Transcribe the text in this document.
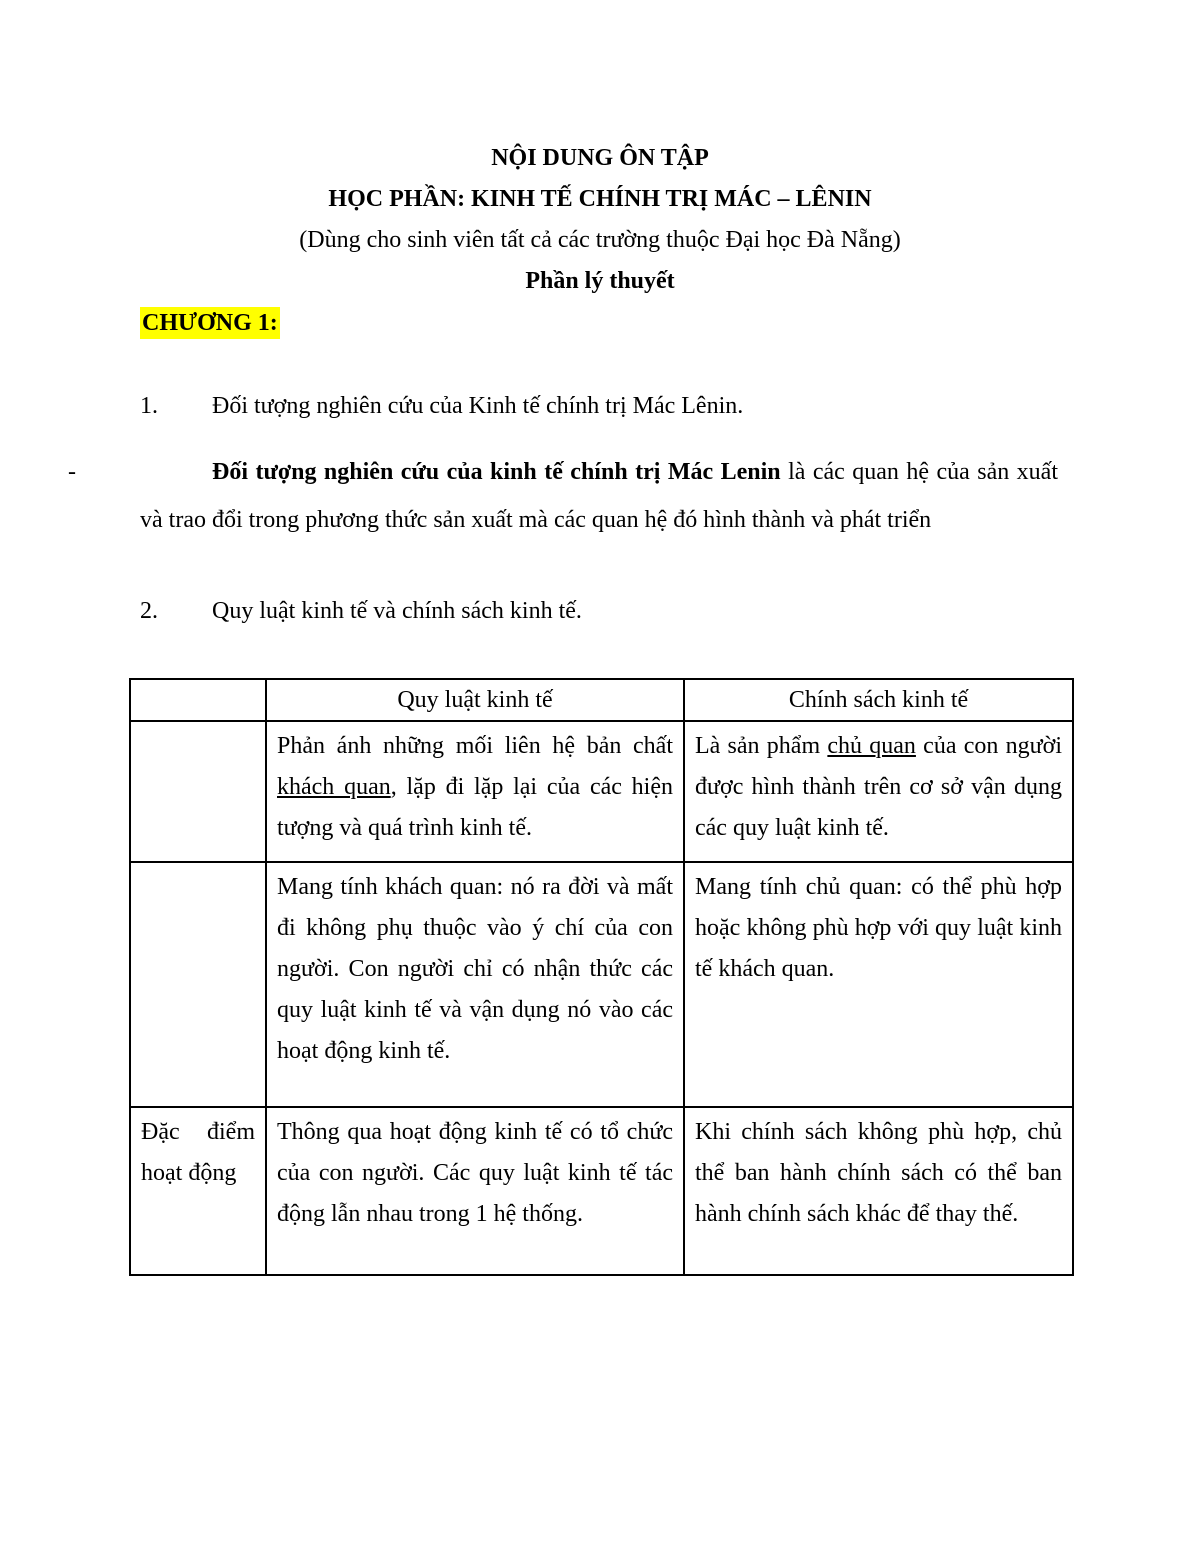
NỘI DUNG ÔN TẬP
HỌC PHẦN: KINH TẾ CHÍNH TRỊ MÁC – LÊNIN
(Dùng cho sinh viên tất cả các trường thuộc Đại học Đà Nẵng)
Phần lý thuyết
CHƯƠNG 1:
1. Đối tượng nghiên cứu của Kinh tế chính trị Mác Lênin.
-	Đối tượng nghiên cứu của kinh tế chính trị Mác Lenin là các quan hệ của sản xuất và trao đổi trong phương thức sản xuất mà các quan hệ đó hình thành và phát triển
2. Quy luật kinh tế và chính sách kinh tế.
	Quy luật kinh tế	Chính sách kinh tế
	Phản ánh những mối liên hệ bản chất khách quan, lặp đi lặp lại của các hiện tượng và quá trình kinh tế.	Là sản phẩm chủ quan của con người được hình thành trên cơ sở vận dụng các quy luật kinh tế.
	Mang tính khách quan: nó ra đời và mất đi không phụ thuộc vào ý chí của con người. Con người chỉ có nhận thức các quy luật kinh tế và vận dụng nó vào các hoạt động kinh tế.	Mang tính chủ quan: có thể phù hợp hoặc không phù hợp với quy luật kinh tế khách quan.
Đặc điểm hoạt động	Thông qua hoạt động kinh tế có tổ chức của con người. Các quy luật kinh tế tác động lẫn nhau trong 1 hệ thống.	Khi chính sách không phù hợp, chủ thể ban hành chính sách có thể ban hành chính sách khác để thay thế.
